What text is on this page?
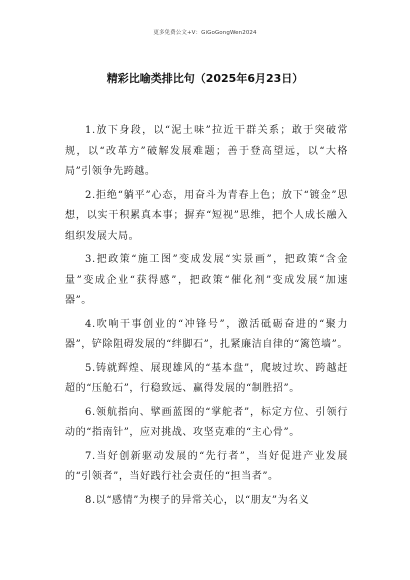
更多免费公文+V：GiGoGongWen2024
精彩比喻类排比句（2025年6月23日）

1.放下身段，以“泥土味”拉近干群关系；敢于突破常规，以“改革方”破解发展难题；善于登高望远，以“大格局”引领争先跨越。

2.拒绝“躺平”心态，用奋斗为青春上色；放下“镀金”思想，以实干积累真本事；摒弃“短视”思维，把个人成长融入组织发展大局。

3.把政策“施工图”变成发展“实景画”，把政策“含金量”变成企业“获得感”，把政策“催化剂”变成发展“加速器”。

4.吹响干事创业的“冲锋号”，激活砥砺奋进的“聚力器”，铲除阻碍发展的“绊脚石”，扎紧廉洁自律的“篱笆墙”。

5.铸就辉煌、展现雄风的“基本盘”，爬坡过坎、跨越赶超的“压舱石”，行稳致远、赢得发展的“制胜招”。

6.领航指向、擘画蓝图的“掌舵者”，标定方位、引领行动的“指南针”，应对挑战、攻坚克难的“主心骨”。

7.当好创新驱动发展的“先行者”，当好促进产业发展的“引领者”，当好践行社会责任的“担当者”。

8.以“感情”为楔子的异常关心，以“朋友”为名义
